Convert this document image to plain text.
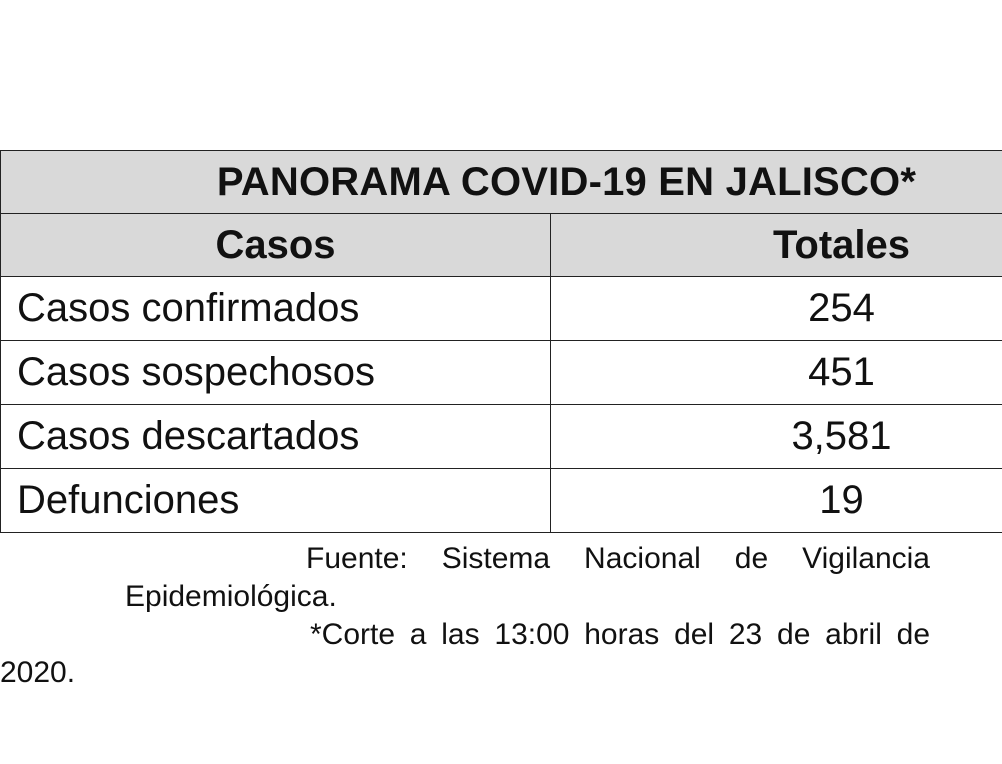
PANORAMA COVID-19 EN JALISCO*	
Casos	Totales
Casos confirmados	254
Casos sospechosos	451
Casos descartados	3,581
Defunciones	19
Fuente: Sistema Nacional de Vigilancia
Epidemiológica.
*Corte a las 13:00 horas del 23 de abril de
2020.
